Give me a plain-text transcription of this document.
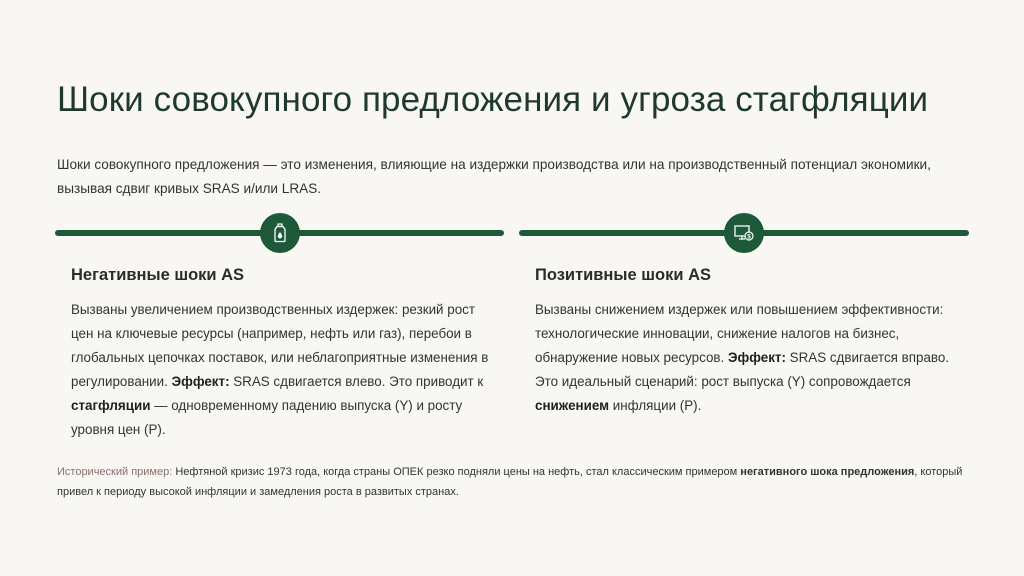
Шоки совокупного предложения и угроза стагфляции

Шоки совокупного предложения — это изменения, влияющие на издержки производства или на производственный потенциал экономики, вызывая сдвиг кривых SRAS и/или LRAS.

$
Негативные шоки AS

Вызваны увеличением производственных издержек: резкий рост цен на ключевые ресурсы (например, нефть или газ), перебои в глобальных цепочках поставок, или неблагоприятные изменения в регулировании. Эффект: SRAS сдвигается влево. Это приводит к стагфляции — одновременному падению выпуска (Y) и росту уровня цен (P).

Позитивные шоки AS

Вызваны снижением издержек или повышением эффективности: технологические инновации, снижение налогов на бизнес, обнаружение новых ресурсов. Эффект: SRAS сдвигается вправо. Это идеальный сценарий: рост выпуска (Y) сопровождается снижением инфляции (P).

Исторический пример: Нефтяной кризис 1973 года, когда страны ОПЕК резко подняли цены на нефть, стал классическим примером негативного шока предложения, который привел к периоду высокой инфляции и замедления роста в развитых странах.
